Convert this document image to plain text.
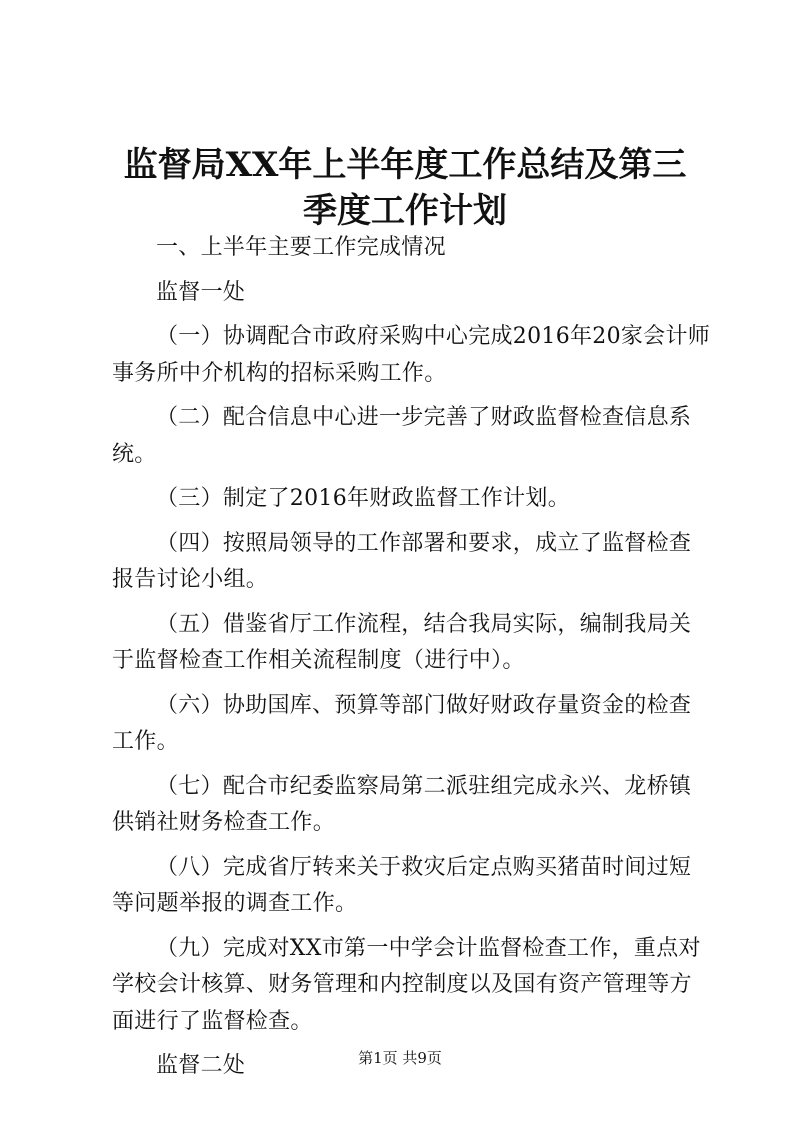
监督局XX年上半年度工作总结及第三季度工作计划

一、上半年主要工作完成情况

监督一处

（一）协调配合市政府采购中心完成2016年20家会计师事务所中介机构的招标采购工作。

（二）配合信息中心进一步完善了财政监督检查信息系统。

（三）制定了2016年财政监督工作计划。

（四）按照局领导的工作部署和要求，成立了监督检查报告讨论小组。

（五）借鉴省厅工作流程，结合我局实际，编制我局关于监督检查工作相关流程制度（进行中）。

（六）协助国库、预算等部门做好财政存量资金的检查工作。

（七）配合市纪委监察局第二派驻组完成永兴、龙桥镇供销社财务检查工作。

（八）完成省厅转来关于救灾后定点购买猪苗时间过短等问题举报的调查工作。

（九）完成对XX市第一中学会计监督检查工作，重点对学校会计核算、财务管理和内控制度以及国有资产管理等方面进行了监督检查。

监督二处	第1页 共9页
